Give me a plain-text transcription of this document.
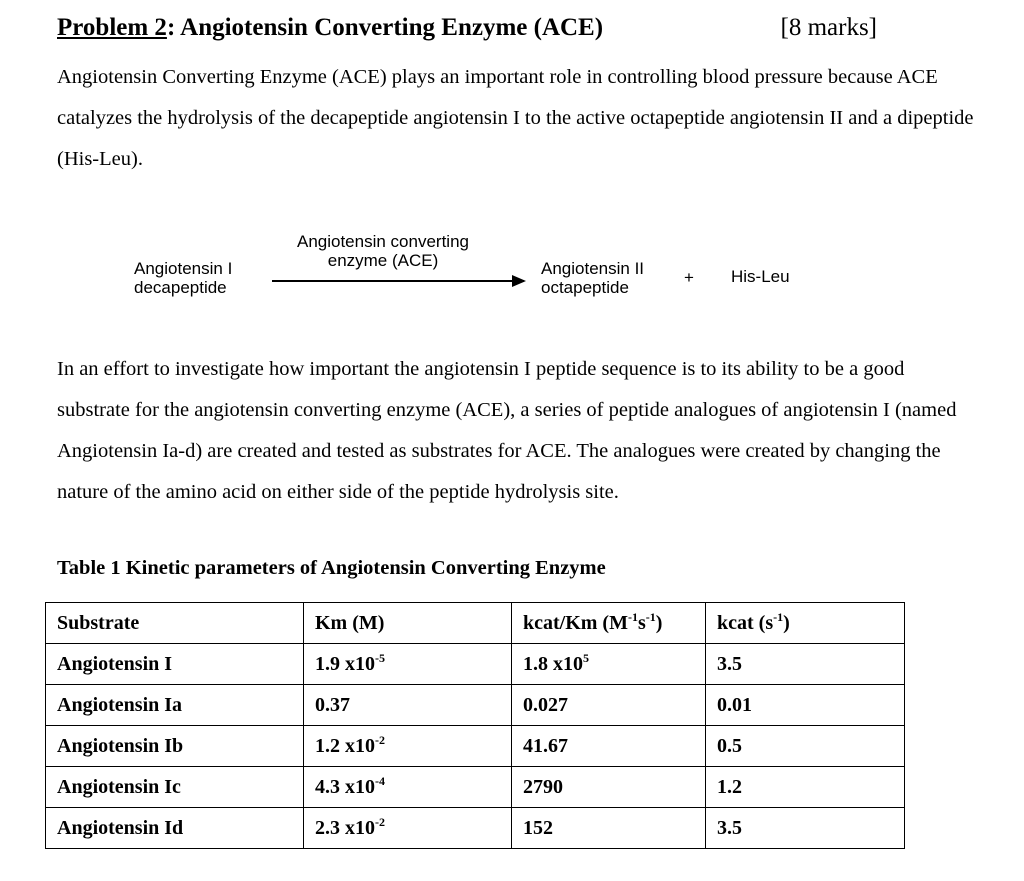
Problem 2: Angiotensin Converting Enzyme (ACE)	[8 marks]
Angiotensin Converting Enzyme (ACE) plays an important role in controlling blood pressure because ACE catalyzes the hydrolysis of the decapeptide angiotensin I to the active octapeptide angiotensin II and a dipeptide (His-Leu).
Angiotensin I
decapeptide
Angiotensin converting
enzyme (ACE)	Angiotensin II
octapeptide
+ His-Leu
In an effort to investigate how important the angiotensin I peptide sequence is to its ability to be a good substrate for the angiotensin converting enzyme (ACE), a series of peptide analogues of angiotensin I (named Angiotensin Ia-d) are created and tested as substrates for ACE. The analogues were created by changing the nature of the amino acid on either side of the peptide hydrolysis site.
Table 1 Kinetic parameters of Angiotensin Converting Enzyme
Substrate	Km (M)	kcat/Km $(M^{-1}s^{-1})$	kcat $(s^{-1})$
Angiotensin I	1.9 $x10^{-5}$	1.8 $x10^5$	3.5
Angiotensin Ia	0.37	0.027	0.01
Angiotensin Ib	1.2 $x10^{-2}$	41.67	0.5
Angiotensin Ic	4.3 $x10^{-4}$	2790	1.2
Angiotensin Id	2.3 $x10^{-2}$	152	3.5
